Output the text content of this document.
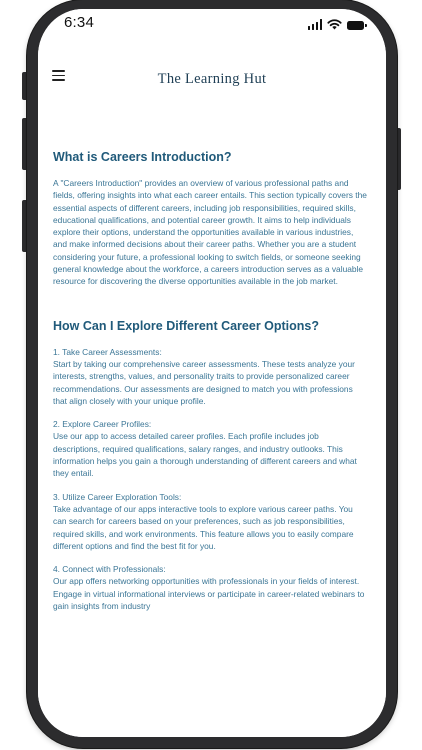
6:34
The Learning Hut
What is Careers Introduction?

A "Careers Introduction" provides an overview of various professional paths and fields, offering insights into what each career entails. This section typically covers the essential aspects of different careers, including job responsibilities, required skills, educational qualifications, and potential career growth. It aims to help individuals explore their options, understand the opportunities available in various industries, and make informed decisions about their career paths. Whether you are a student considering your future, a professional looking to switch fields, or someone seeking general knowledge about the workforce, a careers introduction serves as a valuable resource for discovering the diverse opportunities available in the job market.

How Can I Explore Different Career Options?
1. Take Career Assessments:
Start by taking our comprehensive career assessments. These tests analyze your interests, strengths, values, and personality traits to provide personalized career recommendations. Our assessments are designed to match you with professions that align closely with your unique profile.
2. Explore Career Profiles:
Use our app to access detailed career profiles. Each profile includes job descriptions, required qualifications, salary ranges, and industry outlooks. This information helps you gain a thorough understanding of different careers and what they entail.
3. Utilize Career Exploration Tools:
Take advantage of our apps interactive tools to explore various career paths. You can search for careers based on your preferences, such as job responsibilities, required skills, and work environments. This feature allows you to easily compare different options and find the best fit for you.
4. Connect with Professionals:
Our app offers networking opportunities with professionals in your fields of interest. Engage in virtual informational interviews or participate in career-related webinars to gain insights from industry
